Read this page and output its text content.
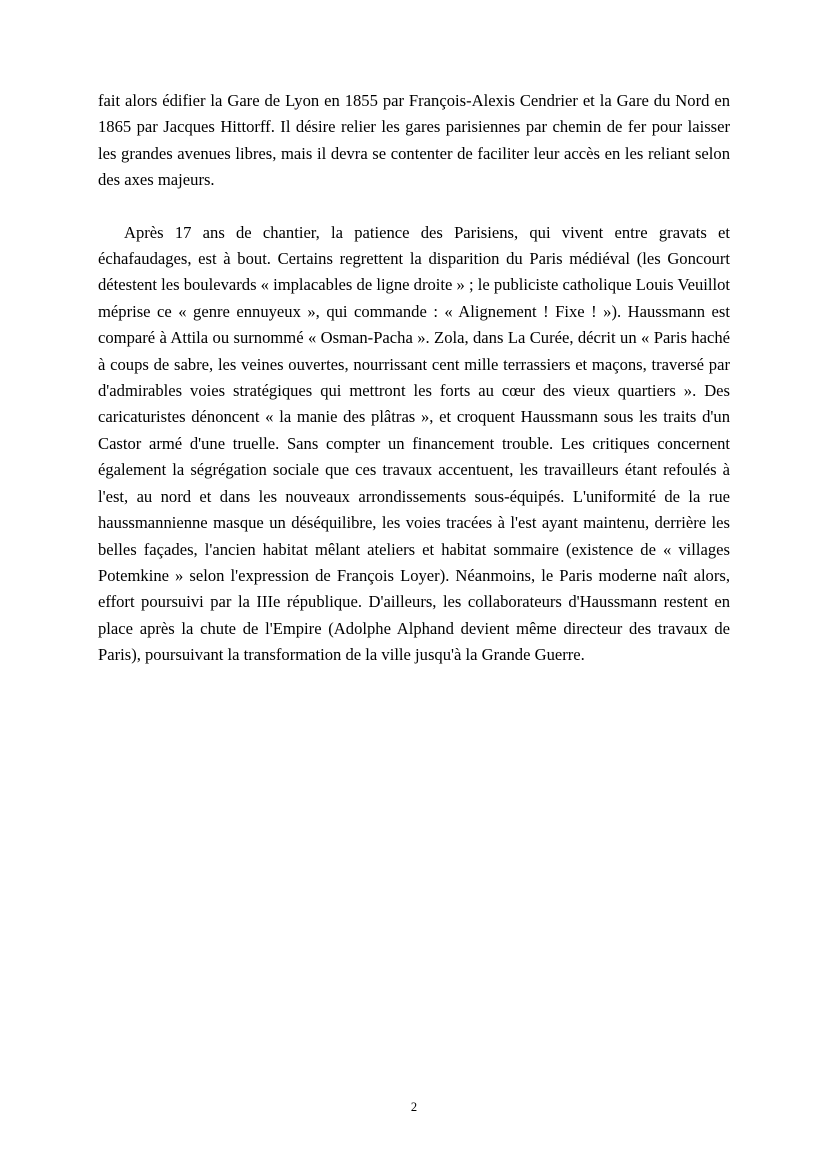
fait alors édifier la Gare de Lyon en 1855 par François-Alexis Cendrier et la Gare du Nord en 1865 par Jacques Hittorff. Il désire relier les gares parisiennes par chemin de fer pour laisser les grandes avenues libres, mais il devra se contenter de faciliter leur accès en les reliant selon des axes majeurs.

Après 17 ans de chantier, la patience des Parisiens, qui vivent entre gravats et échafaudages, est à bout. Certains regrettent la disparition du Paris médiéval (les Goncourt détestent les boulevards « implacables de ligne droite » ; le publiciste catholique Louis Veuillot méprise ce « genre ennuyeux », qui commande : « Alignement ! Fixe ! »). Haussmann est comparé à Attila ou surnommé « Osman-Pacha ». Zola, dans La Curée, décrit un « Paris haché à coups de sabre, les veines ouvertes, nourrissant cent mille terrassiers et maçons, traversé par d'admirables voies stratégiques qui mettront les forts au cœur des vieux quartiers ». Des caricaturistes dénoncent « la manie des plâtras », et croquent Haussmann sous les traits d'un Castor armé d'une truelle. Sans compter un financement trouble. Les critiques concernent également la ségrégation sociale que ces travaux accentuent, les travailleurs étant refoulés à l'est, au nord et dans les nouveaux arrondissements sous-équipés. L'uniformité de la rue haussmannienne masque un déséquilibre, les voies tracées à l'est ayant maintenu, derrière les belles façades, l'ancien habitat mêlant ateliers et habitat sommaire (existence de « villages Potemkine » selon l'expression de François Loyer). Néanmoins, le Paris moderne naît alors, effort poursuivi par la IIIe république. D'ailleurs, les collaborateurs d'Haussmann restent en place après la chute de l'Empire (Adolphe Alphand devient même directeur des travaux de Paris), poursuivant la transformation de la ville jusqu'à la Grande Guerre.

2
